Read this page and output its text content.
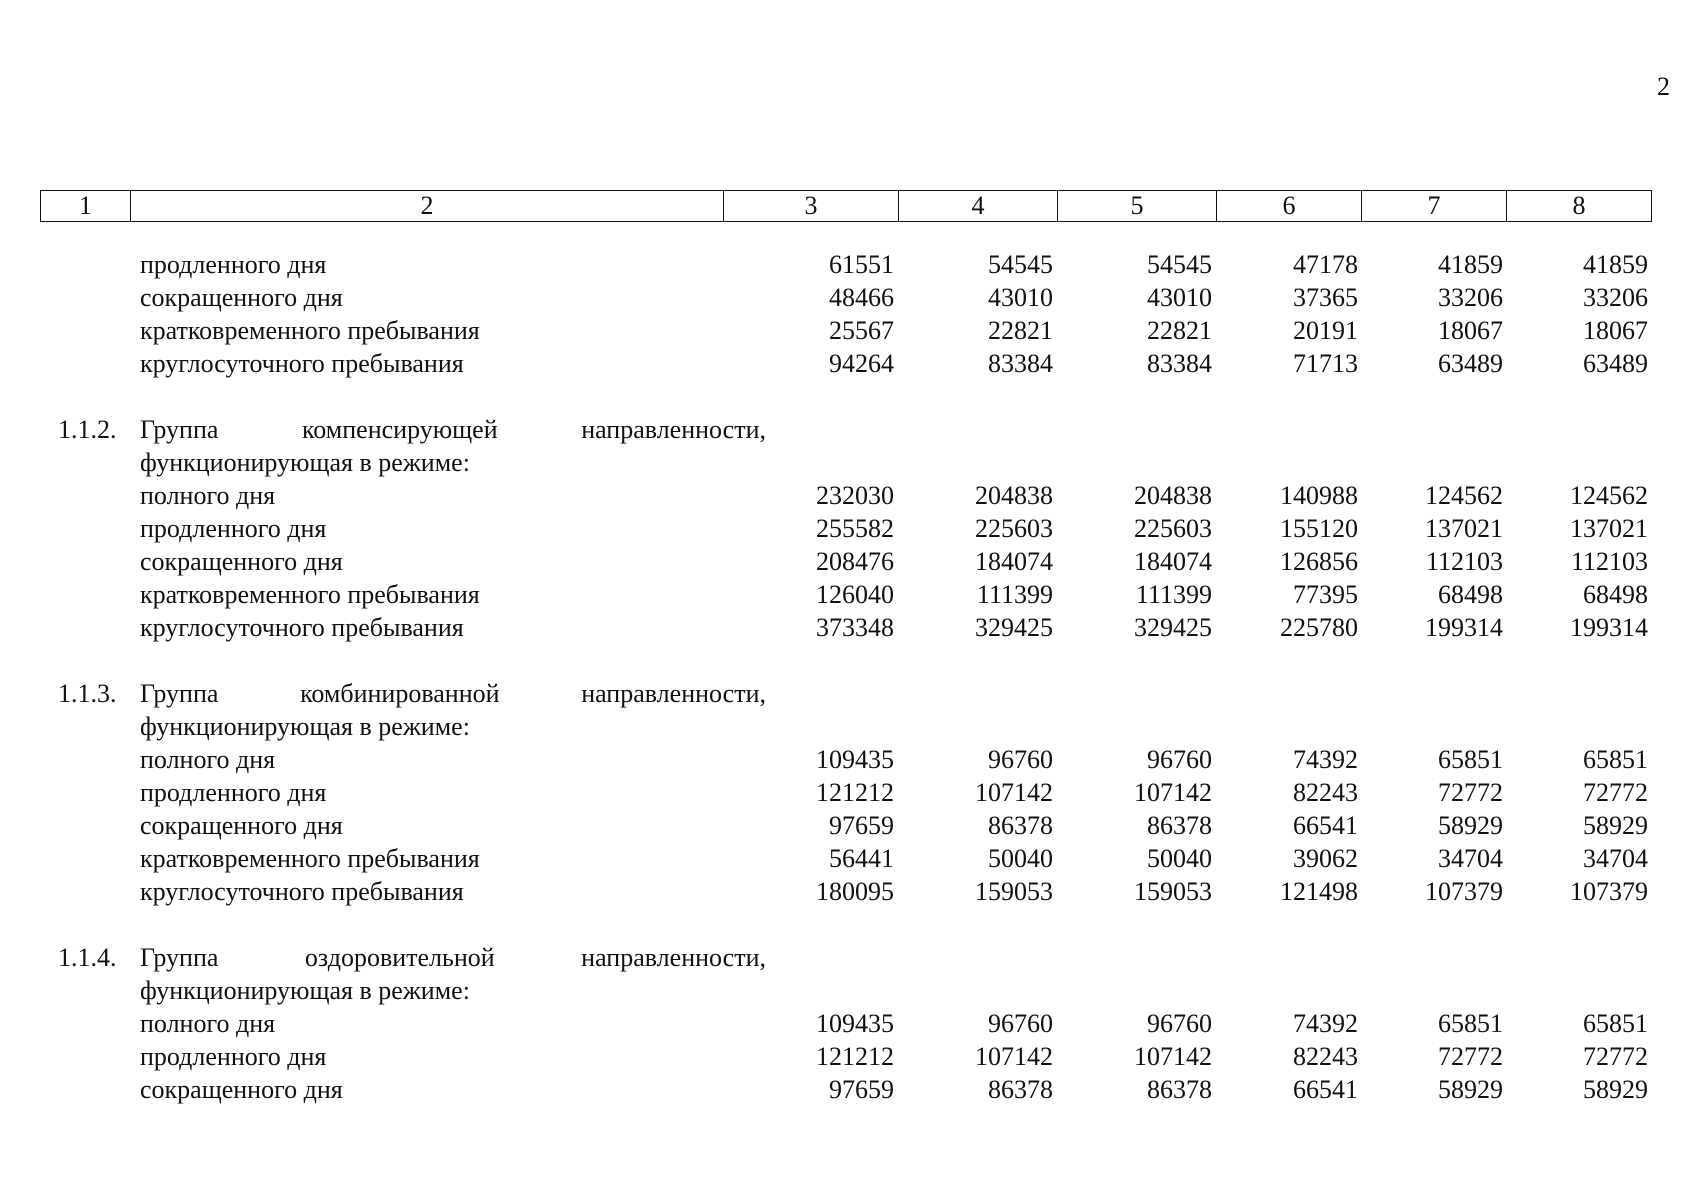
2
1	2	3	4	5	6	7	8
продленного дня	61551	54545	54545	47178	41859	41859
сокращенного дня	48466	43010	43010	37365	33206	33206
кратковременного пребывания	25567	22821	22821	20191	18067	18067
круглосуточного пребывания	94264	83384	83384	71713	63489	63489
1.1.2. Группа компенсирующей направленности,
функционирующая в режиме:
полного дня	232030	204838	204838	140988	124562	124562
продленного дня	255582	225603	225603	155120	137021	137021
сокращенного дня	208476	184074	184074	126856	112103	112103
кратковременного пребывания	126040	111399	111399	77395	68498	68498
круглосуточного пребывания	373348	329425	329425	225780	199314	199314
1.1.3. Группа комбинированной направленности,
функционирующая в режиме:
полного дня	109435	96760	96760	74392	65851	65851
продленного дня	121212	107142	107142	82243	72772	72772
сокращенного дня	97659	86378	86378	66541	58929	58929
кратковременного пребывания	56441	50040	50040	39062	34704	34704
круглосуточного пребывания	180095	159053	159053	121498	107379	107379
1.1.4. Группа оздоровительной направленности,
функционирующая в режиме:
полного дня	109435	96760	96760	74392	65851	65851
продленного дня	121212	107142	107142	82243	72772	72772
сокращенного дня	97659	86378	86378	66541	58929	58929
